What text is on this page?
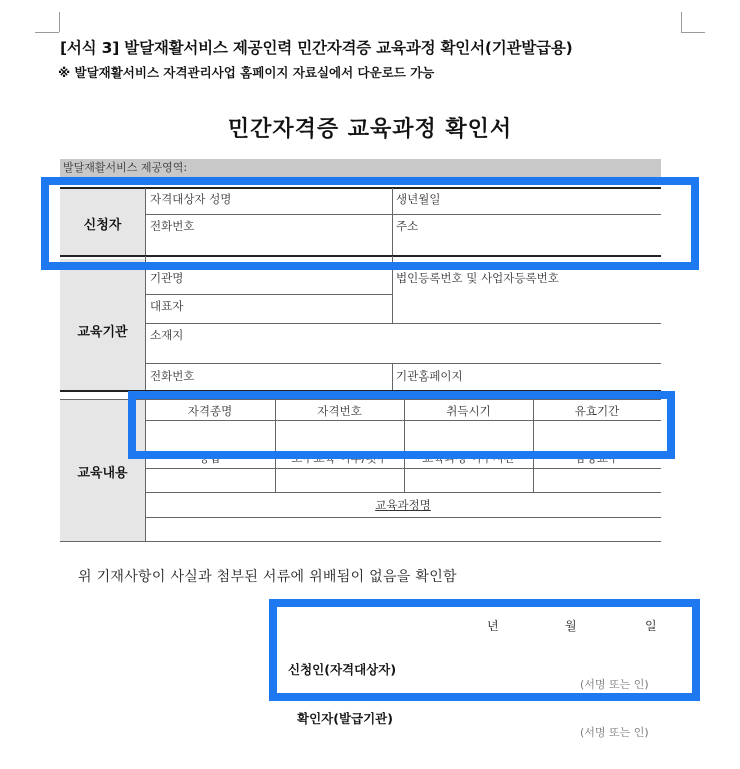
[서식 3] 발달재활서비스 제공인력 민간자격증 교육과정 확인서(기관발급용)
※ 발달재활서비스 자격관리사업 홈페이지 자료실에서 다운로드 가능
민간자격증 교육과정 확인서
발달재활서비스 제공영역:
신청자
자격대상자 성명	생년월일
전화번호	주소
교육기관
기관명	법인등록번호 및 사업자등록번호
대표자
소재지
전화번호	기관홈페이지
교육내용
자격종명	자격번호	취득시기	유효기간
등급	보수교육 여부/횟수	교육과정 이수시간	담당교수
교육과정명
위 기재사항이 사실과 첨부된 서류에 위배됨이 없음을 확인함
년	월	일
신청인(자격대상자)
(서명 또는 인)
확인자(발급기관)
(서명 또는 인)
